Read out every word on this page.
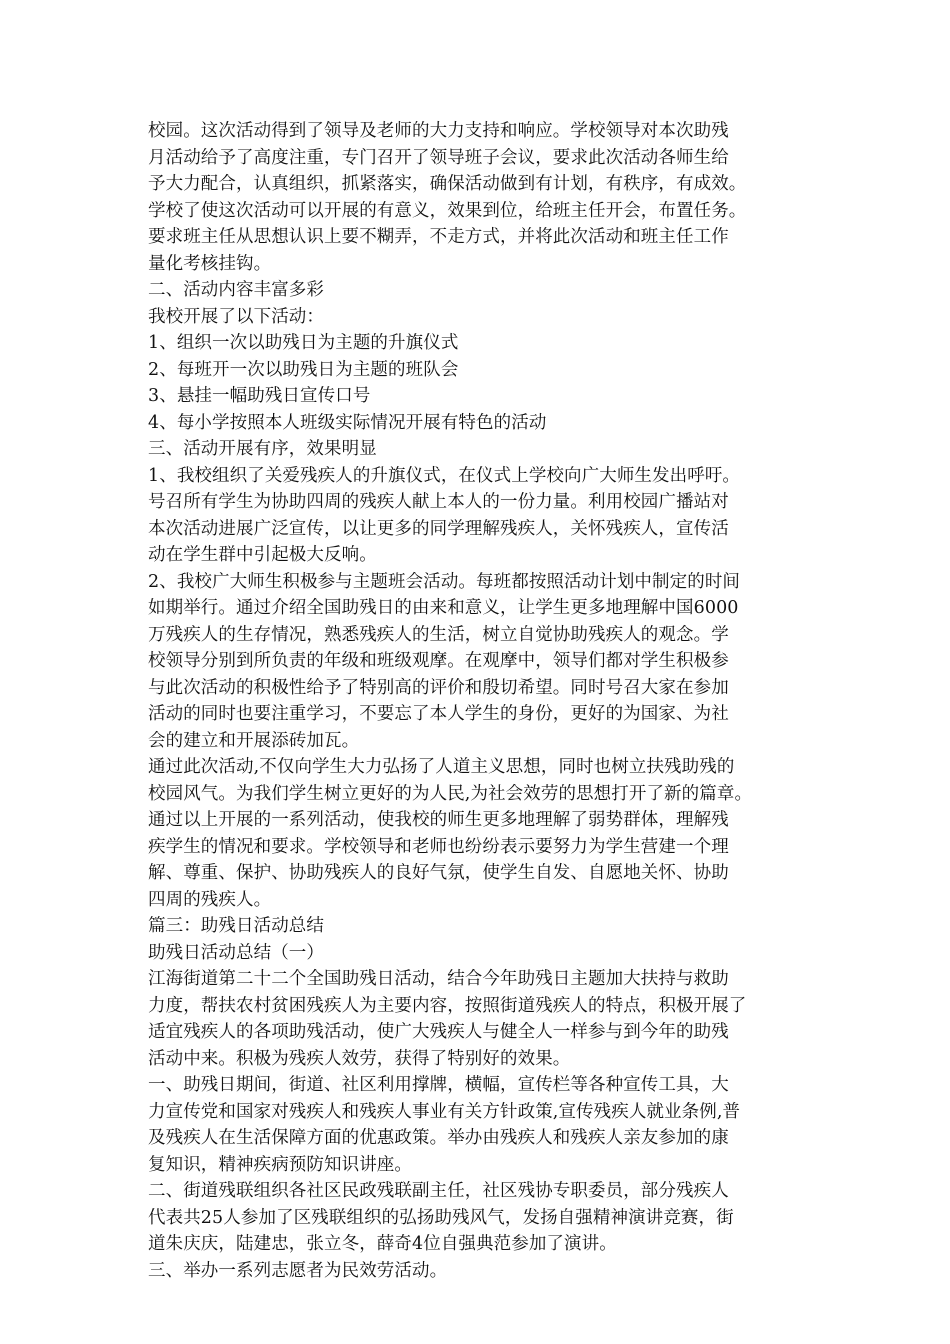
校园。这次活动得到了领导及老师的大力支持和响应。学校领导对本次助残
月活动给予了高度注重，专门召开了领导班子会议，要求此次活动各师生给
予大力配合，认真组织，抓紧落实，确保活动做到有计划，有秩序，有成效。
学校了使这次活动可以开展的有意义，效果到位，给班主任开会，布置任务。
要求班主任从思想认识上要不糊弄，不走方式，并将此次活动和班主任工作
量化考核挂钩。
二、活动内容丰富多彩
我校开展了以下活动：
1、组织一次以助残日为主题的升旗仪式
2、每班开一次以助残日为主题的班队会
3、悬挂一幅助残日宣传口号
4、每小学按照本人班级实际情况开展有特色的活动
三、活动开展有序，效果明显
1、我校组织了关爱残疾人的升旗仪式，在仪式上学校向广大师生发出呼吁。
号召所有学生为协助四周的残疾人献上本人的一份力量。利用校园广播站对
本次活动进展广泛宣传，以让更多的同学理解残疾人，关怀残疾人，宣传活
动在学生群中引起极大反响。
2、我校广大师生积极参与主题班会活动。每班都按照活动计划中制定的时间
如期举行。通过介绍全国助残日的由来和意义，让学生更多地理解中国6000
万残疾人的生存情况，熟悉残疾人的生活，树立自觉协助残疾人的观念。学
校领导分别到所负责的年级和班级观摩。在观摩中，领导们都对学生积极参
与此次活动的积极性给予了特别高的评价和殷切希望。同时号召大家在参加
活动的同时也要注重学习，不要忘了本人学生的身份，更好的为国家、为社
会的建立和开展添砖加瓦。
通过此次活动,不仅向学生大力弘扬了人道主义思想，同时也树立扶残助残的
校园风气。为我们学生树立更好的为人民,为社会效劳的思想打开了新的篇章。
通过以上开展的一系列活动，使我校的师生更多地理解了弱势群体，理解残
疾学生的情况和要求。学校领导和老师也纷纷表示要努力为学生营建一个理
解、尊重、保护、协助残疾人的良好气氛，使学生自发、自愿地关怀、协助
四周的残疾人。
篇三：助残日活动总结
助残日活动总结（一）
江海街道第二十二个全国助残日活动，结合今年助残日主题加大扶持与救助
力度，帮扶农村贫困残疾人为主要内容，按照街道残疾人的特点，积极开展了
适宜残疾人的各项助残活动，使广大残疾人与健全人一样参与到今年的助残
活动中来。积极为残疾人效劳，获得了特别好的效果。
一、助残日期间，街道、社区利用撑牌，横幅，宣传栏等各种宣传工具，大
力宣传党和国家对残疾人和残疾人事业有关方针政策,宣传残疾人就业条例,普
及残疾人在生活保障方面的优惠政策。举办由残疾人和残疾人亲友参加的康
复知识，精神疾病预防知识讲座。
二、街道残联组织各社区民政残联副主任，社区残协专职委员，部分残疾人
代表共25人参加了区残联组织的弘扬助残风气，发扬自强精神演讲竞赛，街
道朱庆庆，陆建忠，张立冬，薛奇4位自强典范参加了演讲。
三、举办一系列志愿者为民效劳活动。
